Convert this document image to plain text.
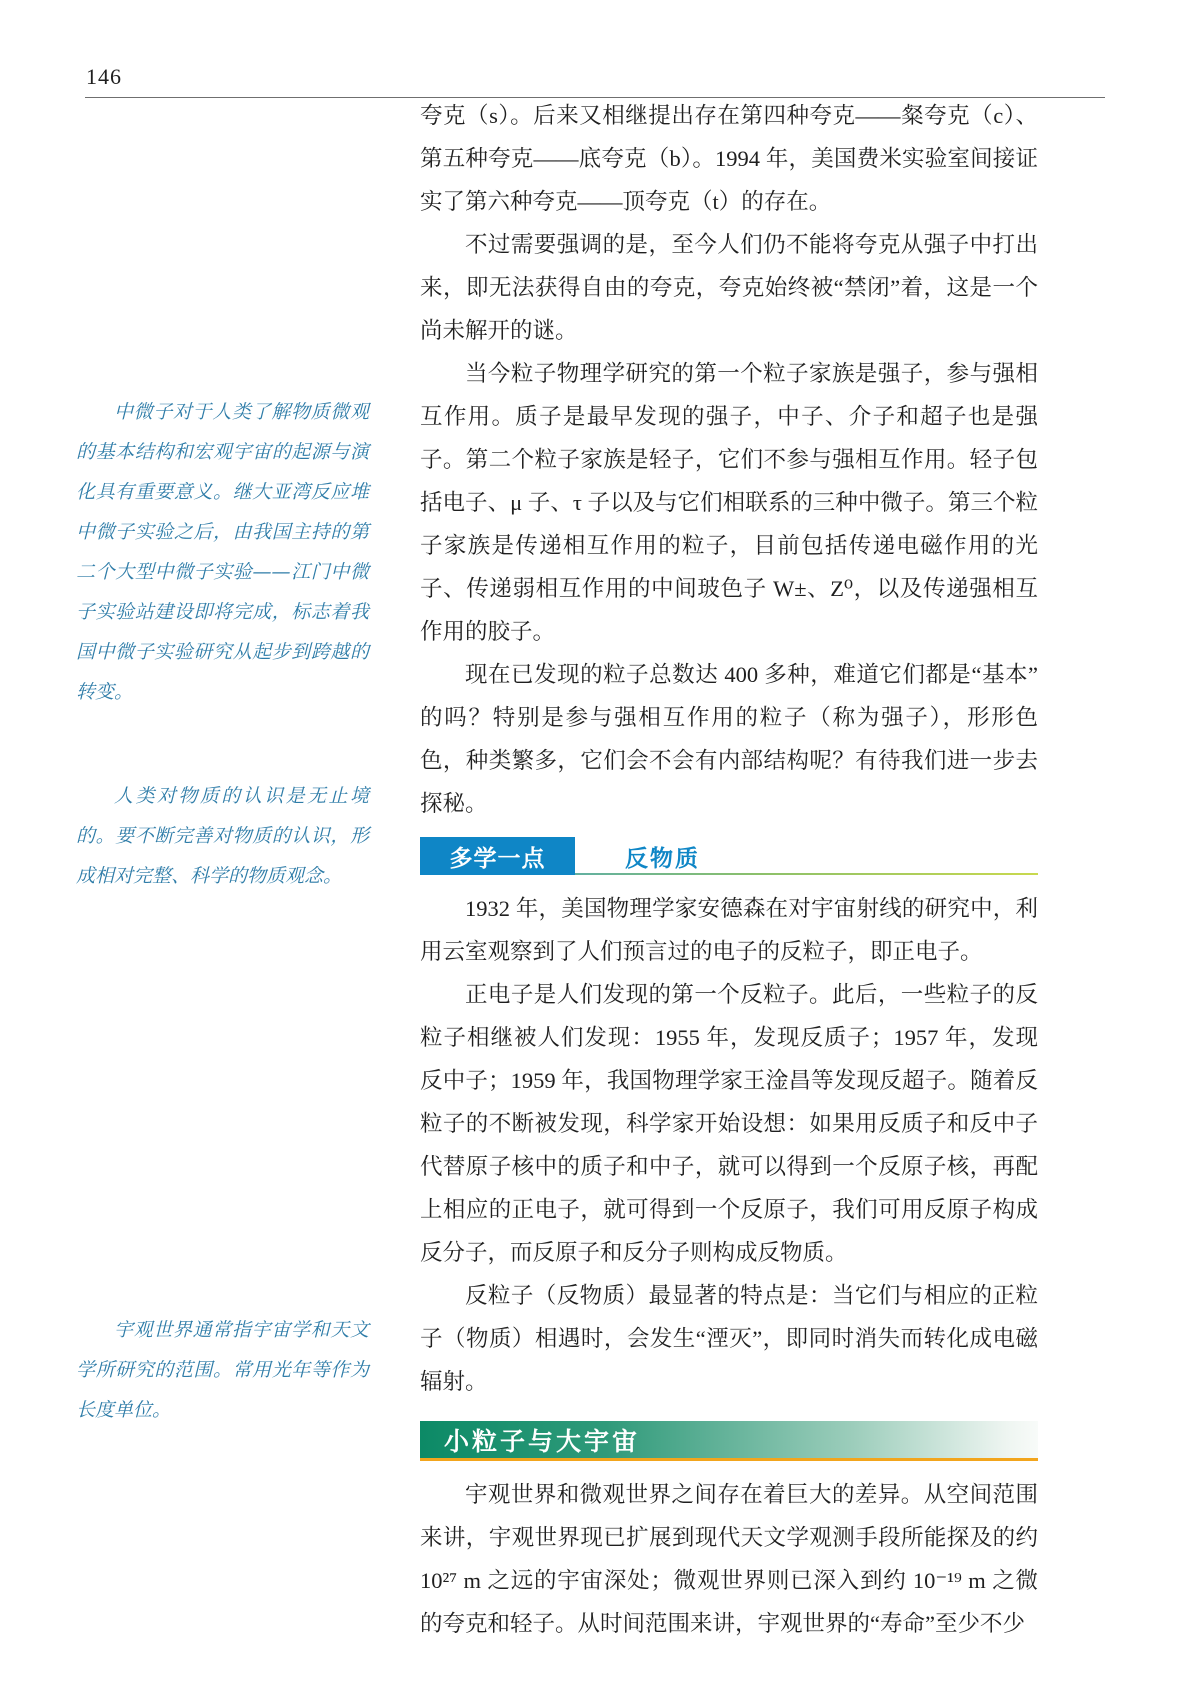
146

中微子对于人类了解物质微观的基本结构和宏观宇宙的起源与演化具有重要意义。继大亚湾反应堆中微子实验之后，由我国主持的第二个大型中微子实验——江门中微子实验站建设即将完成，标志着我国中微子实验研究从起步到跨越的转变。

人类对物质的认识是无止境的。要不断完善对物质的认识，形成相对完整、科学的物质观念。

宇观世界通常指宇宙学和天文学所研究的范围。常用光年等作为长度单位。

夸克（s）。后来又相继提出存在第四种夸克——粲夸克（c）、第五种夸克——底夸克（b）。1994 年，美国费米实验室间接证实了第六种夸克——顶夸克（t）的存在。

不过需要强调的是，至今人们仍不能将夸克从强子中打出来，即无法获得自由的夸克，夸克始终被“禁闭”着，这是一个尚未解开的谜。

当今粒子物理学研究的第一个粒子家族是强子，参与强相互作用。质子是最早发现的强子，中子、介子和超子也是强子。第二个粒子家族是轻子，它们不参与强相互作用。轻子包括电子、μ 子、τ 子以及与它们相联系的三种中微子。第三个粒子家族是传递相互作用的粒子，目前包括传递电磁作用的光子、传递弱相互作用的中间玻色子 W±、Z⁰，以及传递强相互作用的胶子。

现在已发现的粒子总数达 400 多种，难道它们都是“基本”的吗？特别是参与强相互作用的粒子（称为强子），形形色色，种类繁多，它们会不会有内部结构呢？有待我们进一步去探秘。

多学一点	反物质

1932 年，美国物理学家安德森在对宇宙射线的研究中，利用云室观察到了人们预言过的电子的反粒子，即正电子。

正电子是人们发现的第一个反粒子。此后，一些粒子的反粒子相继被人们发现：1955 年，发现反质子；1957 年，发现反中子；1959 年，我国物理学家王淦昌等发现反超子。随着反粒子的不断被发现，科学家开始设想：如果用反质子和反中子代替原子核中的质子和中子，就可以得到一个反原子核，再配上相应的正电子，就可得到一个反原子，我们可用反原子构成反分子，而反原子和反分子则构成反物质。

反粒子（反物质）最显著的特点是：当它们与相应的正粒子（物质）相遇时，会发生“湮灭”，即同时消失而转化成电磁辐射。

小粒子与大宇宙

宇观世界和微观世界之间存在着巨大的差异。从空间范围来讲，宇观世界现已扩展到现代天文学观测手段所能探及的约 10²⁷ m 之远的宇宙深处；微观世界则已深入到约 10⁻¹⁹ m 之微的夸克和轻子。从时间范围来讲，宇观世界的“寿命”至少不少
